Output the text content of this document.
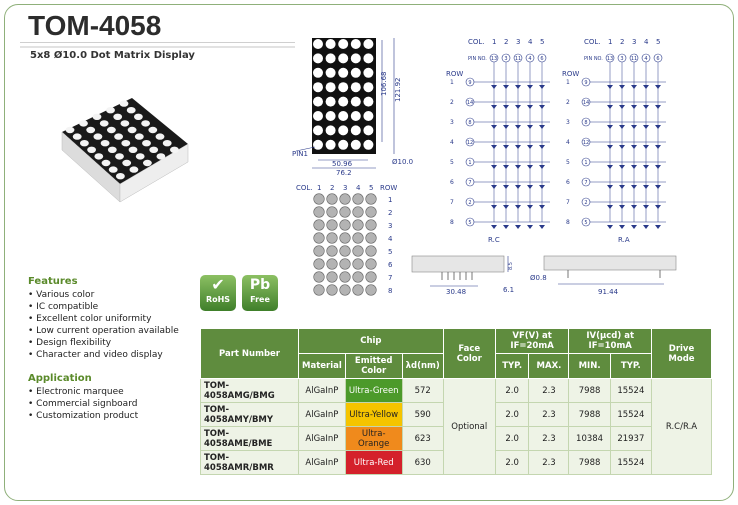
TOM-4058
5x8 Ø10.0 Dot Matrix Display
Features
• Various color
• IC compatible
• Excellent color uniformity
• Low current operation available
• Design flexibility
• Character and video display
Application
• Electronic marquee
• Commercial signboard
• Customization product
✔
RoHS
Pb
Free
106.68 121.92
50.96
76.2
Ø10.0
PIN1
COL.	ROW
1 2 3 4 5
1
2
3
4
5
6
7
8
COL. 1 2 3 4 5
PIN NO.
ROW
R.C
13 3 11 4 6
1	9
2	14
3	8
4	12
5	1
6	7
7	2
8	5
COL. 1 2 3 4 5
PIN NO.
ROW
R.A
13 3 11 4 6
1	9
2	14
3	8
4	12
5	1
6	7
7	2
8	5
30.48	6.1
8.5
Ø0.8
91.44
Part Number	Chip			Face Color	VF(V) at IF=20mA		IV(μcd) at IF=10mA		Drive Mode
	Material	Emitted Color	λd(nm)		TYP.	MAX.	MIN.	TYP.	
TOM-4058AMG/BMG	AlGaInP	Ultra-Green	572	Optional	2.0	2.3	7988	15524	R.C/R.A
TOM-4058AMY/BMY	AlGaInP	Ultra-Yellow	590		2.0	2.3	7988	15524	
TOM-4058AME/BME	AlGaInP	Ultra-Orange	623		2.0	2.3	10384	21937	
TOM-4058AMR/BMR	AlGaInP	Ultra-Red	630		2.0	2.3	7988	15524	
